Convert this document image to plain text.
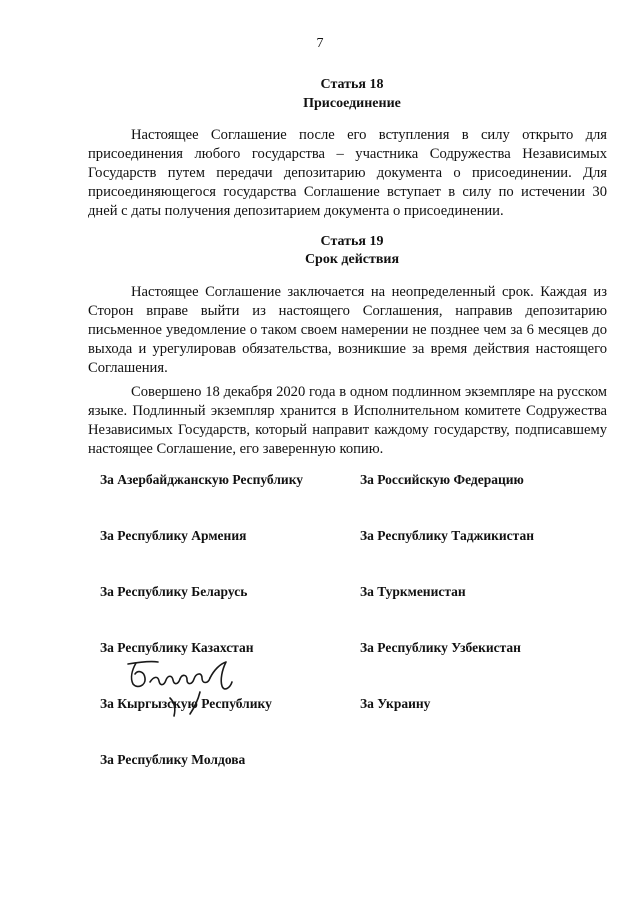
7
Статья 18
Присоединение
Настоящее Соглашение после его вступления в силу открыто для присоединения любого государства – участника Содружества Независимых Государств путем передачи депозитарию документа о присоединении. Для присоединяющегося государства Соглашение вступает в силу по истечении 30 дней с даты получения депозитарием документа о присоединении.
Статья 19
Срок действия
Настоящее Соглашение заключается на неопределенный срок. Каждая из Сторон вправе выйти из настоящего Соглашения, направив депозитарию письменное уведомление о таком своем намерении не позднее чем за 6 месяцев до выхода и урегулировав обязательства, возникшие за время действия настоящего Соглашения.
Совершено 18 декабря 2020 года в одном подлинном экземпляре на русском языке. Подлинный экземпляр хранится в Исполнительном комитете Содружества Независимых Государств, который направит каждому государству, подписавшему настоящее Соглашение, его заверенную копию.
За Азербайджанскую Республику
За Республику Армения
За Республику Беларусь
За Республику Казахстан
За Кыргызскую Республику
За Республику Молдова
За Российскую Федерацию
За Республику Таджикистан
За Туркменистан
За Республику Узбекистан
За Украину
